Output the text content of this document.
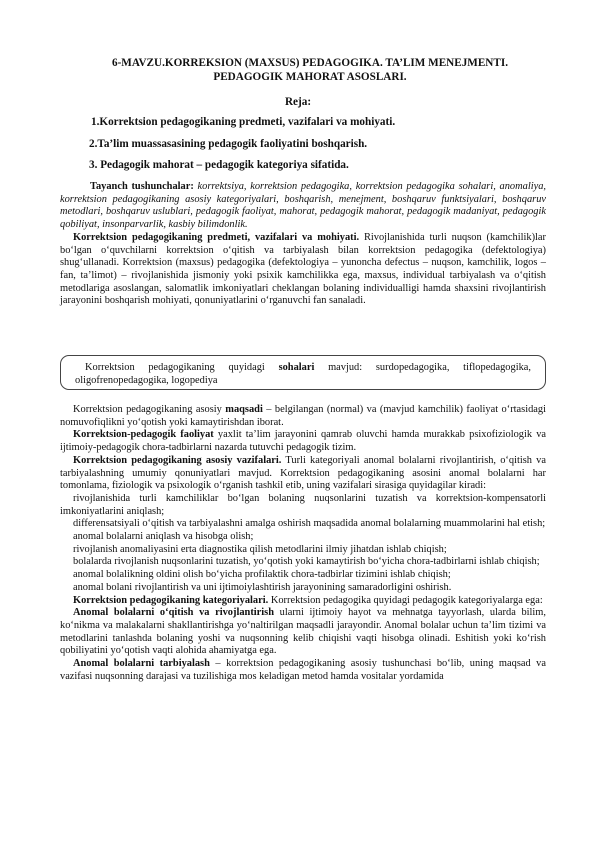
6-MAVZU.KORREKSION (MAXSUS) PEDAGOGIKA. TA’LIM MENEJMENTI.
PEDAGOGIK MAHORAT ASOSLARI.
Reja:
1.Korrektsion pedagogikaning predmeti, vazifalari va mohiyati.
2.Ta’lim muassasasining pedagogik faoliyatini boshqarish.
3. Pedagogik mahorat – pedagogik kategoriya sifatida.

Tayanch tushunchalar: korrektsiya, korrektsion pedagogika, korrektsion pedagogika sohalari, anomaliya, korrektsion pedagogikaning asosiy kategoriyalari, boshqarish, menejment, boshqaruv funktsiyalari, boshqaruv metodlari, boshqaruv uslublari, pedagogik faoliyat, mahorat, pedagogik mahorat, pedagogik madaniyat, pedagogik qobiliyat, insonparvarlik, kasbiy bilimdonlik.

Korrektsion pedagogikaning predmeti, vazifalari va mohiyati. Rivojlanishida turli nuqson (kamchilik)lar bo‘lgan o‘quvchilarni korrektsion o‘qitish va tarbiyalash bilan korrektsion pedagogika (defektologiya) shug‘ullanadi. Korrektsion (maxsus) pedagogika (defektologiya – yunoncha defectus – nuqson, kamchilik, logos – fan, ta’limot) – rivojlanishida jismoniy yoki psixik kamchilikka ega, maxsus, individual tarbiyalash va o‘qitish metodlariga asoslangan, salomatlik imkoniyatlari cheklangan bolaning individualligi hamda shaxsini rivojlantirish jarayonini boshqarish mohiyati, qonuniyatlarini o‘rganuvchi fan sanaladi.

Korrektsion pedagogikaning quyidagi sohalari mavjud: surdopedagogika, tiflopedagogika, oligofrenopedagogika, logopediya

Korrektsion pedagogikaning asosiy maqsadi – belgilangan (normal) va (mavjud kamchilik) faoliyat o‘rtasidagi nomuvofiqlikni yo‘qotish yoki kamaytirishdan iborat.

Korrektsion-pedagogik faoliyat yaxlit ta’lim jarayonini qamrab oluvchi hamda murakkab psixofiziologik va ijtimoiy-pedagogik chora-tadbirlarni nazarda tutuvchi pedagogik tizim.

Korrektsion pedagogikaning asosiy vazifalari. Turli kategoriyali anomal bolalarni rivojlantirish, o‘qitish va tarbiyalashning umumiy qonuniyatlari mavjud. Korrektsion pedagogikaning asosini anomal bolalarni har tomonlama, fiziologik va psixologik o‘rganish tashkil etib, uning vazifalari sirasiga quyidagilar kiradi:

rivojlanishida turli kamchiliklar bo‘lgan bolaning nuqsonlarini tuzatish va korrektsion-kompensatorli imkoniyatlarini aniqlash;

differensatsiyali o‘qitish va tarbiyalashni amalga oshirish maqsadida anomal bolalarning muammolarini hal etish;

anomal bolalarni aniqlash va hisobga olish;

rivojlanish anomaliyasini erta diagnostika qilish metodlarini ilmiy jihatdan ishlab chiqish;

bolalarda rivojlanish nuqsonlarini tuzatish, yo‘qotish yoki kamaytirish bo‘yicha chora-tadbirlarni ishlab chiqish;

anomal bolalikning oldini olish bo‘yicha profilaktik chora-tadbirlar tizimini ishlab chiqish;

anomal bolani rivojlantirish va uni ijtimoiylashtirish jarayonining samaradorligini oshirish.

Korrektsion pedagogikaning kategoriyalari. Korrektsion pedagogika quyidagi pedagogik kategoriyalarga ega:

Anomal bolalarni o‘qitish va rivojlantirish ularni ijtimoiy hayot va mehnatga tayyorlash, ularda bilim, ko‘nikma va malakalarni shakllantirishga yo‘naltirilgan maqsadli jarayondir. Anomal bolalar uchun ta’lim tizimi va metodlarini tanlashda bolaning yoshi va nuqsonning kelib chiqishi vaqti hisobga olinadi. Eshitish yoki ko‘rish qobiliyatini yo‘qotish vaqti alohida ahamiyatga ega.

Anomal bolalarni tarbiyalash – korrektsion pedagogikaning asosiy tushunchasi bo‘lib, uning maqsad va vazifasi nuqsonning darajasi va tuzilishiga mos keladigan metod hamda vositalar yordamida
